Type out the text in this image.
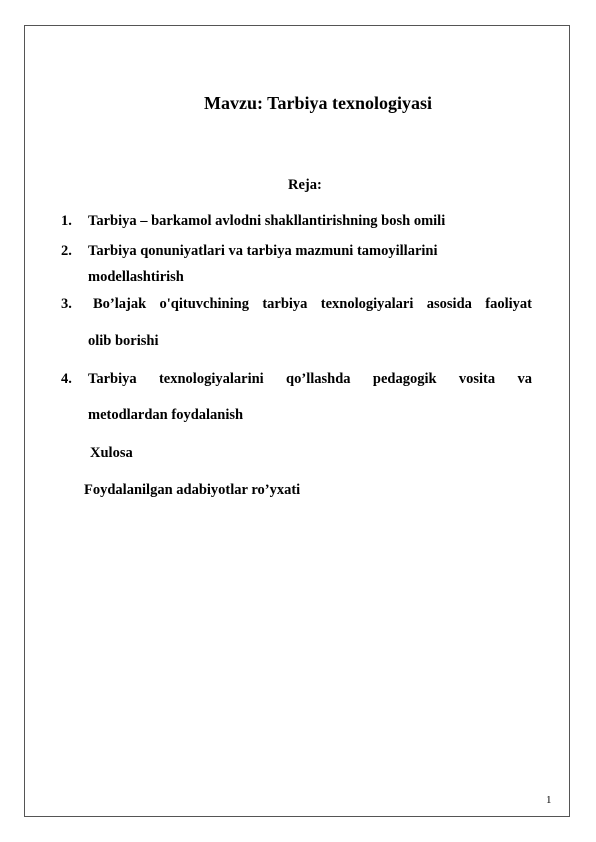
Mavzu: Tarbiya texnologiyasi
Reja:
1. Tarbiya – barkamol avlodni shakllantirishning bosh omili
2. Tarbiya qonuniyatlari va tarbiya mazmuni tamoyillarini
modellashtirish
3. Bo’lajak o'qituvchining tarbiya texnologiyalari asosida faoliyat
olib borishi
4. Tarbiya texnologiyalarini qo’llashda pedagogik vosita va
metodlardan foydalanish
Xulosa
Foydalanilgan adabiyotlar ro’yxati
1
